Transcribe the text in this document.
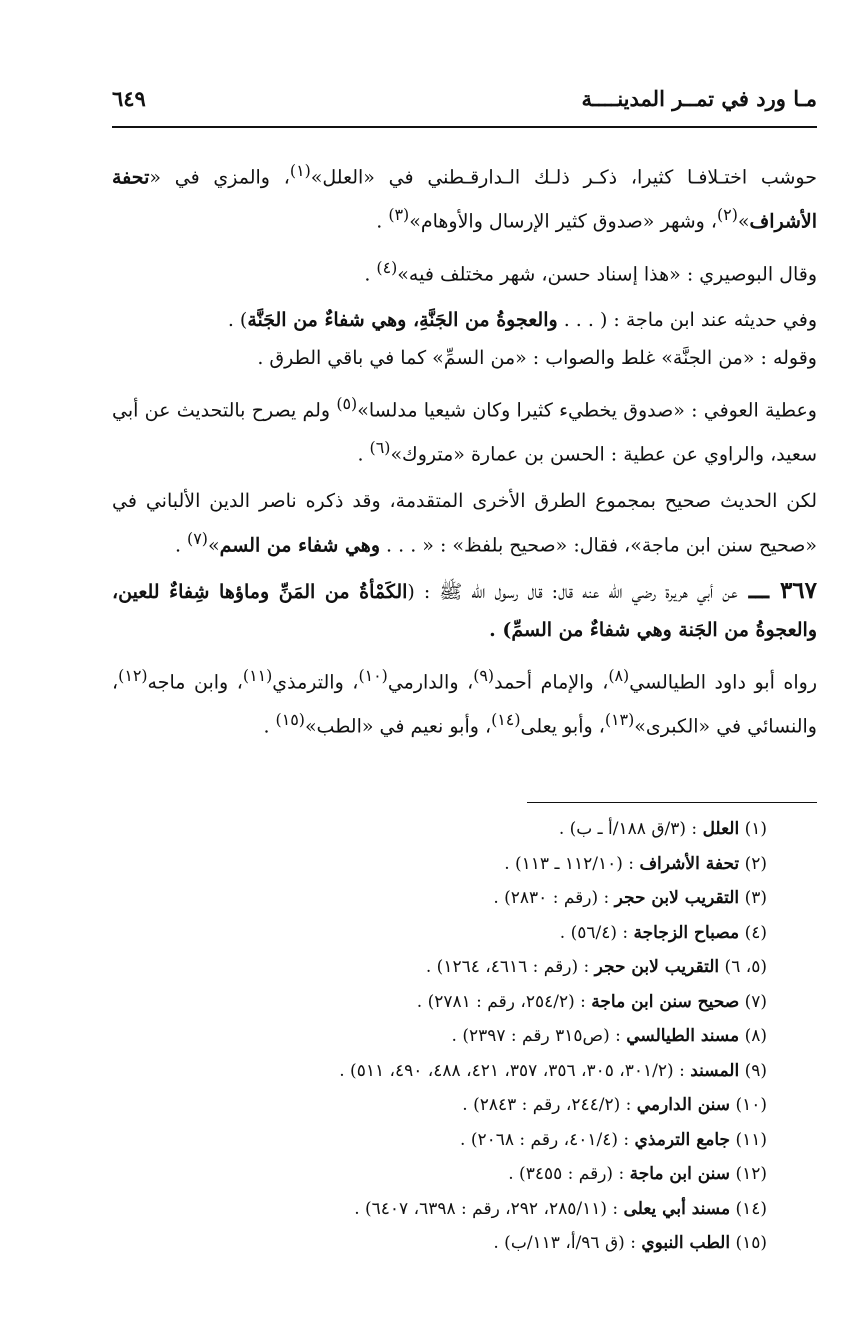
مـا ورد في تمــر المدينــــة
٦٤٩

حوشب اختـلافـا كثيرا، ذكـر ذلـك الـدارقـطني في «العلل»$^{(١)}$، والمزي في «تحفة الأشراف»$^{(٢)}$، وشهر «صدوق كثير الإرسال والأوهام»$^{(٣)}$ .

وقال البوصيري : «هذا إسناد حسن، شهر مختلف فيه»$^{(٤)}$ .

وفي حديثه عند ابن ماجة : ( . . . والعجوةُ من الجَنَّةِ، وهي شفاءٌ من الجَنَّة) .
وقوله : «من الجنَّة» غلط والصواب : «من السمِّ» كما في باقي الطرق .

وعطية العوفي : «صدوق يخطيء كثيرا وكان شيعيا مدلسا»$^{(٥)}$ ولم يصرح بالتحديث عن أبي سعيد، والراوي عن عطية : الحسن بن عمارة «متروك»$^{(٦)}$ .

لكن الحديث صحيح بمجموع الطرق الأخرى المتقدمة، وقد ذكره ناصر الدين الألباني في «صحيح سنن ابن ماجة»، فقال: «صحيح بلفظ» : « . . . وهي شفاء من السم»$^{(٧)}$ .

٣٦٧ ـــ عن أبي هريرة رضي الله عنه قال: قال رسول الله ﷺ : (الكَمْأةُ من المَنِّ وماؤها شِفاءٌ للعين، والعجوةُ من الجَنة وهي شفاءٌ من السمِّ) .

رواه أبو داود الطيالسي$^{(٨)}$، والإمام أحمد$^{(٩)}$، والدارمي$^{(١٠)}$، والترمذي$^{(١١)}$، وابن ماجه$^{(١٢)}$، والنسائي في «الكبرى»$^{(١٣)}$، وأبو يعلى$^{(١٤)}$، وأبو نعيم في «الطب»$^{(١٥)}$ .

(١) العلل : (٣/ق ١٨٨/أ ـ ب) .
(٢) تحفة الأشراف : (١١٢/١٠ ـ ١١٣) .
(٣) التقريب لابن حجر : (رقم : ٢٨٣٠) .
(٤) مصباح الزجاجة : (٥٦/٤) .
(٥، ٦) التقريب لابن حجر : (رقم : ٤٦١٦، ١٢٦٤) .
(٧) صحيح سنن ابن ماجة : (٢٥٤/٢، رقم : ٢٧٨١) .
(٨) مسند الطيالسي : (ص٣١٥ رقم : ٢٣٩٧) .
(٩) المسند : (٣٠١/٢، ٣٠٥، ٣٥٦، ٣٥٧، ٤٢١، ٤٨٨، ٤٩٠، ٥١١) .
(١٠) سنن الدارمي : (٢٤٤/٢، رقم : ٢٨٤٣) .
(١١) جامع الترمذي : (٤٠١/٤، رقم : ٢٠٦٨) .
(١٢) سنن ابن ماجة : (رقم : ٣٤٥٥) .
(١٤) مسند أبي يعلى : (٢٨٥/١١، ٢٩٢، رقم : ٦٣٩٨، ٦٤٠٧) .
(١٥) الطب النبوي : (ق ٩٦/أ، ١١٣/ب) .
